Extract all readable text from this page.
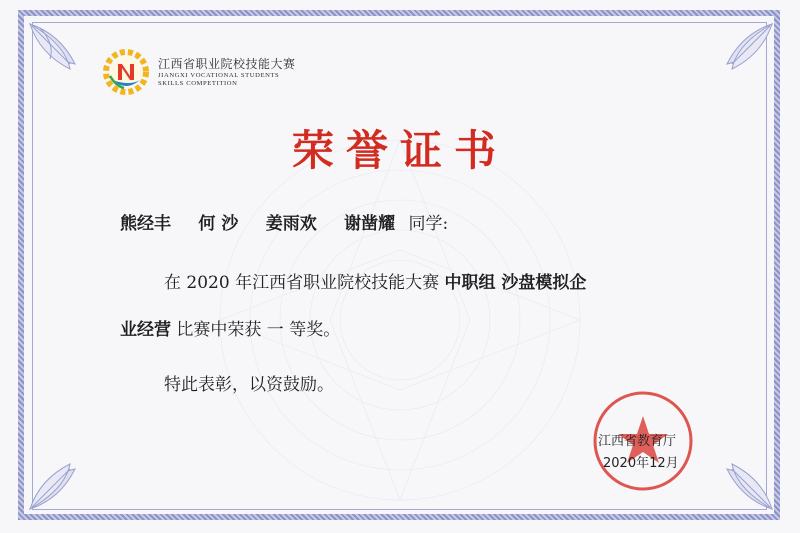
江西省职业院校技能大赛
JIANGXI VOCATIONAL STUDENTS
SKILLS COMPETITION
荣誉证书
熊经丰 何 沙 姜雨欢 谢凿耀 同学:
在 2020 年江西省职业院校技能大赛 中职组 沙盘模拟企
业经营 比赛中荣获 一 等奖。
特此表彰，以资鼓励。
江西省教育厅
2020年12月
